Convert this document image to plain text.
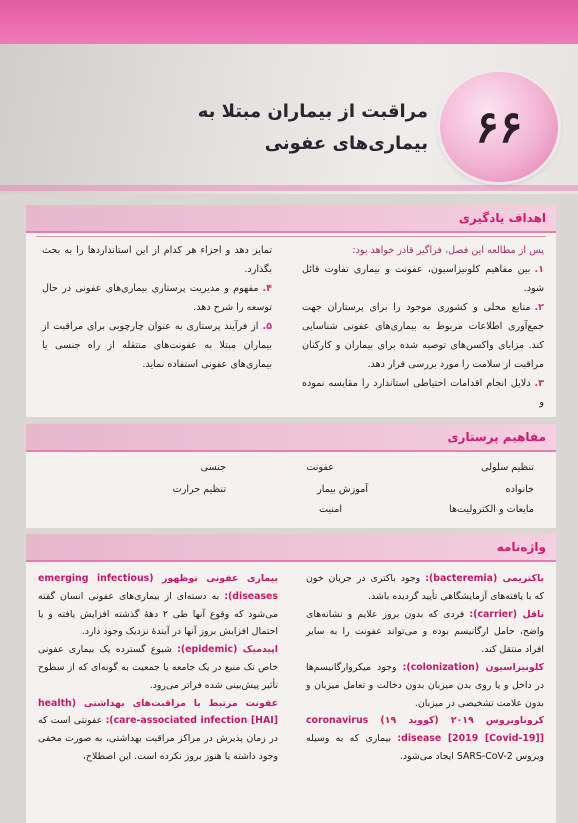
۶۶
مراقبت از بیماران مبتلا به
بیماری‌های عفونی
اهداف یادگیری

پس از مطالعه این فصل، فراگیر قادر خواهد بود:

۱.بین مفاهیم کلونیزاسیون، عفونت و بیماری تفاوت قائل شود.

۲.منابع محلی و کشوری موجود را برای پرستاران جهت جمع‌آوری اطلاعات مربوط به بیماری‌های عفونی شناسایی کند. مزایای واکسن‌های توصیه شده برای بیماران و کارکنان مراقبت از سلامت را مورد بررسی قرار دهد.

۳.دلایل انجام اقدامات احتیاطی استاندارد را مقایسه نموده و

تمایز دهد و اجزاء هر کدام از این استانداردها را به بحث بگذارد.

۴.مفهوم و مدیریت پرستاری بیماری‌های عفونی در حال توسعه را شرح دهد.

۵.از فرآیند پرستاری به عنوان چارچوبی برای مراقبت از بیماران مبتلا به عفونت‌های منتقله از راه جنسی یا بیماری‌های عفونی استفاده نماید.

مفاهیم پرستاری
تنظیم سلولی
عفونت
جنسی
خانواده
آموزش بیمار
تنظیم حرارت
مایعات و الکترولیت‌ها
امنیت
واژه‌نامه

باکتریمی (bacteremia): وجود باکتری در جریان خون که با یافته‌های آزمایشگاهی تأیید گردیده باشد.

ناقل (carrier): فردی که بدون بروز علایم و نشانه‌های واضح، حامل ارگانیسم بوده و می‌تواند عفونت را به سایر افراد منتقل کند.

کلونیزاسیون (colonization): وجود میکروارگانیسم‌ها در داخل و یا روی بدن میزبان بدون دخالت و تعامل میزبان و بدون علامت تشخیصی در میزبان.

کروناویروس ۲۰۱۹ (کووید ۱۹) coronavirus disease [2019 [Covid-19]]: بیماری که به وسیله ویروس SARS-CoV-2 ایجاد می‌شود.

بیماری عفونی نوظهور (emerging infectious diseases): به دسته‌ای از بیماری‌های عفونی انسان گفته می‌شود که وقوع آنها طی ۲ دههٔ گذشته افزایش یافته و یا احتمال افزایش بروز آنها در آیندهٔ نزدیک وجود دارد.

اپیدمیک (epidemic): شیوع گسترده یک بیماری عفونی خاص تک منبع در یک جامعه یا جمعیت به گونه‌ای که از سطوح تأثیر پیش‌بینی شده فراتر می‌رود.

عفونت مرتبط با مراقبت‌های بهداشتی (health care-associated infection [HAI]): عفونتی است که در زمان پذیرش در مراکز مراقبت بهداشتی، به صورت مخفی وجود داشته یا هنوز بروز نکرده است. این اصطلاح،
